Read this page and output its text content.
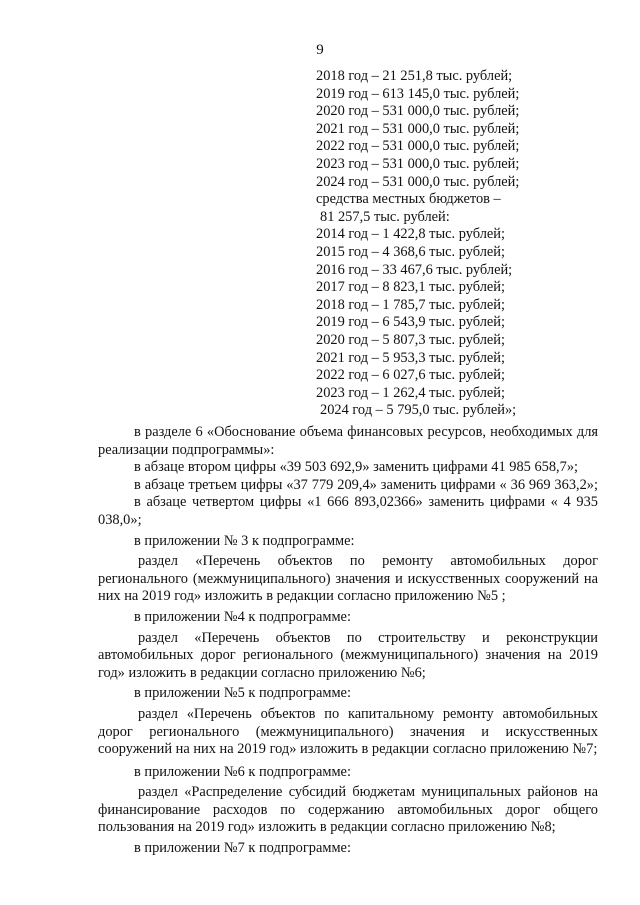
9
2018 год – 21 251,8 тыс. рублей;
2019 год – 613 145,0 тыс. рублей;
2020 год – 531 000,0 тыс. рублей;
2021 год – 531 000,0 тыс. рублей;
2022 год – 531 000,0 тыс. рублей;
2023 год – 531 000,0 тыс. рублей;
2024 год – 531 000,0 тыс. рублей;
средства местных бюджетов –
81 257,5 тыс. рублей:
2014 год – 1 422,8 тыс. рублей;
2015 год – 4 368,6 тыс. рублей;
2016 год – 33 467,6 тыс. рублей;
2017 год – 8 823,1 тыс. рублей;
2018 год – 1 785,7 тыс. рублей;
2019 год – 6 543,9 тыс. рублей;
2020 год – 5 807,3 тыс. рублей;
2021 год – 5 953,3 тыс. рублей;
2022 год – 6 027,6 тыс. рублей;
2023 год – 1 262,4 тыс. рублей;
2024 год – 5 795,0 тыс. рублей»;

в разделе 6 «Обоснование объема финансовых ресурсов, необходимых для реализации подпрограммы»:

в абзаце втором цифры «39 503 692,9» заменить цифрами 41 985 658,7»;

в абзаце третьем цифры «37 779 209,4» заменить цифрами « 36 969 363,2»;

в абзаце четвертом цифры «1 666 893,02366» заменить цифрами « 4 935 038,0»;

в приложении № 3 к подпрограмме:

раздел «Перечень объектов по ремонту автомобильных дорог регионального (межмуниципального) значения и искусственных сооружений на них на 2019 год» изложить в редакции согласно приложению №5 ;

в приложении №4 к подпрограмме:

раздел «Перечень объектов по строительству и реконструкции автомобильных дорог регионального (межмуниципального) значения на 2019 год» изложить в редакции согласно приложению №6;

в приложении №5 к подпрограмме:

раздел «Перечень объектов по капитальному ремонту автомобильных дорог регионального (межмуниципального) значения и искусственных сооружений на них на 2019 год» изложить в редакции согласно приложению №7;

в приложении №6 к подпрограмме:

раздел «Распределение субсидий бюджетам муниципальных районов на финансирование расходов по содержанию автомобильных дорог общего пользования на 2019 год» изложить в редакции согласно приложению №8;

в приложении №7 к подпрограмме:
